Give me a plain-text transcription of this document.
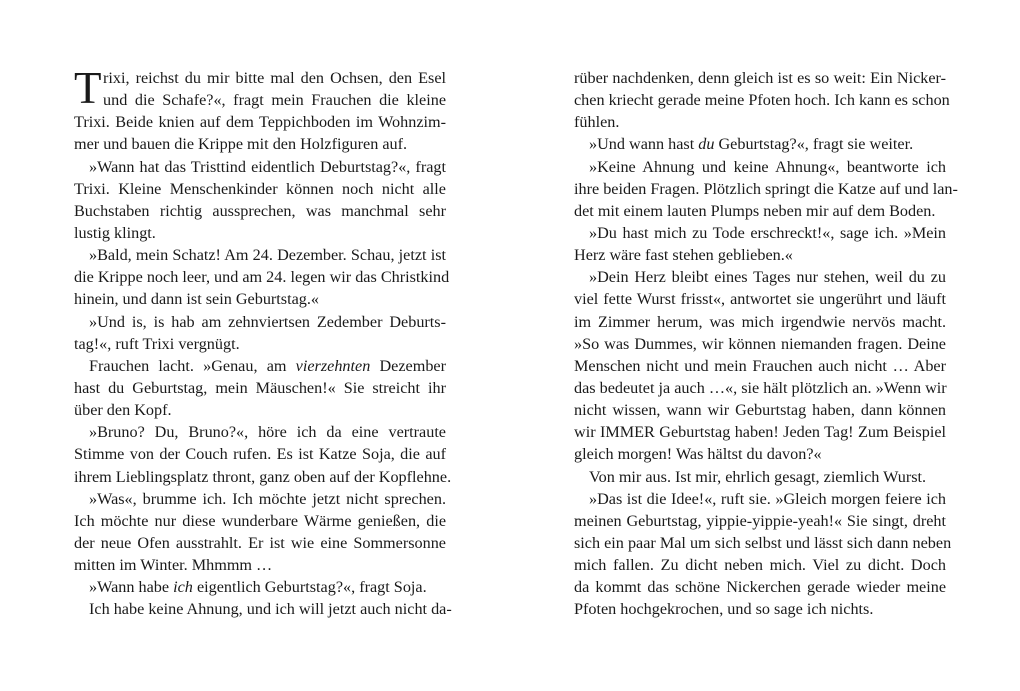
T rixi, reichst du mir bitte mal den Ochsen, den Esel
und die Schafe?«, fragt mein Frauchen die kleine
Trixi. Beide knien auf dem Teppichboden im Wohnzim-
mer und bauen die Krippe mit den Holzfiguren auf.
»Wann hat das Tristtind eidentlich Deburtstag?«, fragt
Trixi. Kleine Menschenkinder können noch nicht alle
Buchstaben richtig aussprechen, was manchmal sehr
lustig klingt.
»Bald, mein Schatz! Am 24. Dezember. Schau, jetzt ist
die Krippe noch leer, und am 24. legen wir das Christkind
hinein, und dann ist sein Geburtstag.«
»Und is, is hab am zehnviertsen Zedember Deburts-
tag!«, ruft Trixi vergnügt.
Frauchen lacht. »Genau, am vierzehnten Dezember
hast du Geburtstag, mein Mäuschen!« Sie streicht ihr
über den Kopf.
»Bruno? Du, Bruno?«, höre ich da eine vertraute
Stimme von der Couch rufen. Es ist Katze Soja, die auf
ihrem Lieblingsplatz thront, ganz oben auf der Kopflehne.
»Was«, brumme ich. Ich möchte jetzt nicht sprechen.
Ich möchte nur diese wunderbare Wärme genießen, die
der neue Ofen ausstrahlt. Er ist wie eine Sommersonne
mitten im Winter. Mhmmm …
»Wann habe ich eigentlich Geburtstag?«, fragt Soja.
Ich habe keine Ahnung, und ich will jetzt auch nicht da-
rüber nachdenken, denn gleich ist es so weit: Ein Nicker-
chen kriecht gerade meine Pfoten hoch. Ich kann es schon
fühlen.
»Und wann hast du Geburtstag?«, fragt sie weiter.
»Keine Ahnung und keine Ahnung«, beantworte ich
ihre beiden Fragen. Plötzlich springt die Katze auf und lan-
det mit einem lauten Plumps neben mir auf dem Boden.
»Du hast mich zu Tode erschreckt!«, sage ich. »Mein
Herz wäre fast stehen geblieben.«
»Dein Herz bleibt eines Tages nur stehen, weil du zu
viel fette Wurst frisst«, antwortet sie ungerührt und läuft
im Zimmer herum, was mich irgendwie nervös macht.
»So was Dummes, wir können niemanden fragen. Deine
Menschen nicht und mein Frauchen auch nicht … Aber
das bedeutet ja auch …«, sie hält plötzlich an. »Wenn wir
nicht wissen, wann wir Geburtstag haben, dann können
wir IMMER Geburtstag haben! Jeden Tag! Zum Beispiel
gleich morgen! Was hältst du davon?«
Von mir aus. Ist mir, ehrlich gesagt, ziemlich Wurst.
»Das ist die Idee!«, ruft sie. »Gleich morgen feiere ich
meinen Geburtstag, yippie-yippie-yeah!« Sie singt, dreht
sich ein paar Mal um sich selbst und lässt sich dann neben
mich fallen. Zu dicht neben mich. Viel zu dicht. Doch
da kommt das schöne Nickerchen gerade wieder meine
Pfoten hochgekrochen, und so sage ich nichts.
